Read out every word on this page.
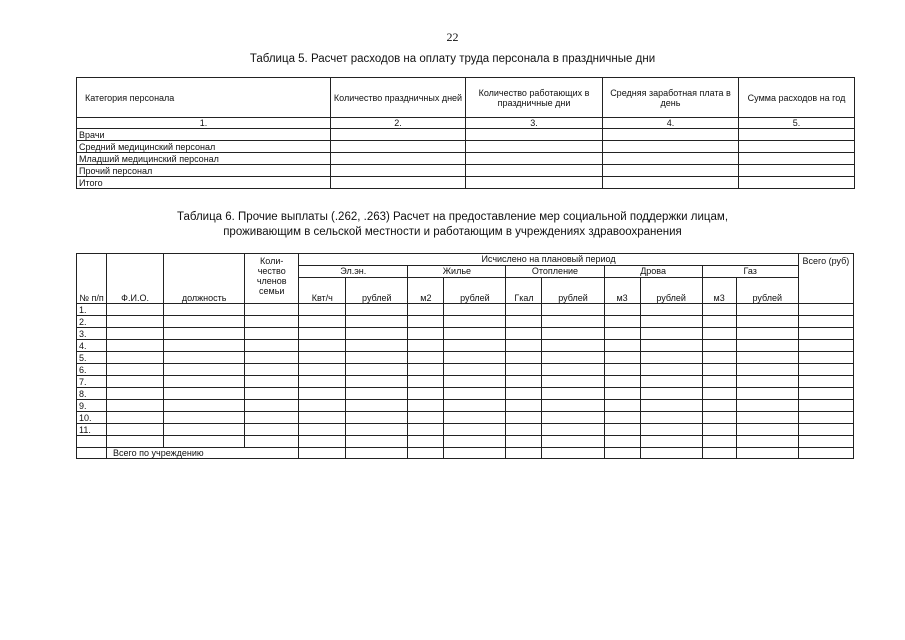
22
Таблица 5. Расчет расходов на оплату труда персонала в праздничные дни
Категория персонала	Количество праздничных дней	Количество работающих в праздничные дни	Средняя заработная плата в день	Сумма расходов на год
1.	2.	3.	4.	5.
Врачи				
Средний медицинский персонал				
Младший медицинский персонал				
Прочий персонал				
Итого				
Таблица 6. Прочие выплаты (.262, .263) Расчет на предоставление мер социальной поддержки лицам,
проживающим в сельской местности и работающим в учреждениях здравоохранения
№ п/п	Ф.И.О.	должность	Коли- чество членов семьи	Исчислено на плановый период										Всего (руб)
				Эл.эн.		Жилье		Отопление		Дрова		Газ		
				Квт/ч	рублей	м2	рублей	Гкал	рублей	м3	рублей	м3	рублей	
1.														
2.														
3.														
4.														
5.														
6.														
7.														
8.														
9.														
10.														
11.														

	Всего по учреждению													
